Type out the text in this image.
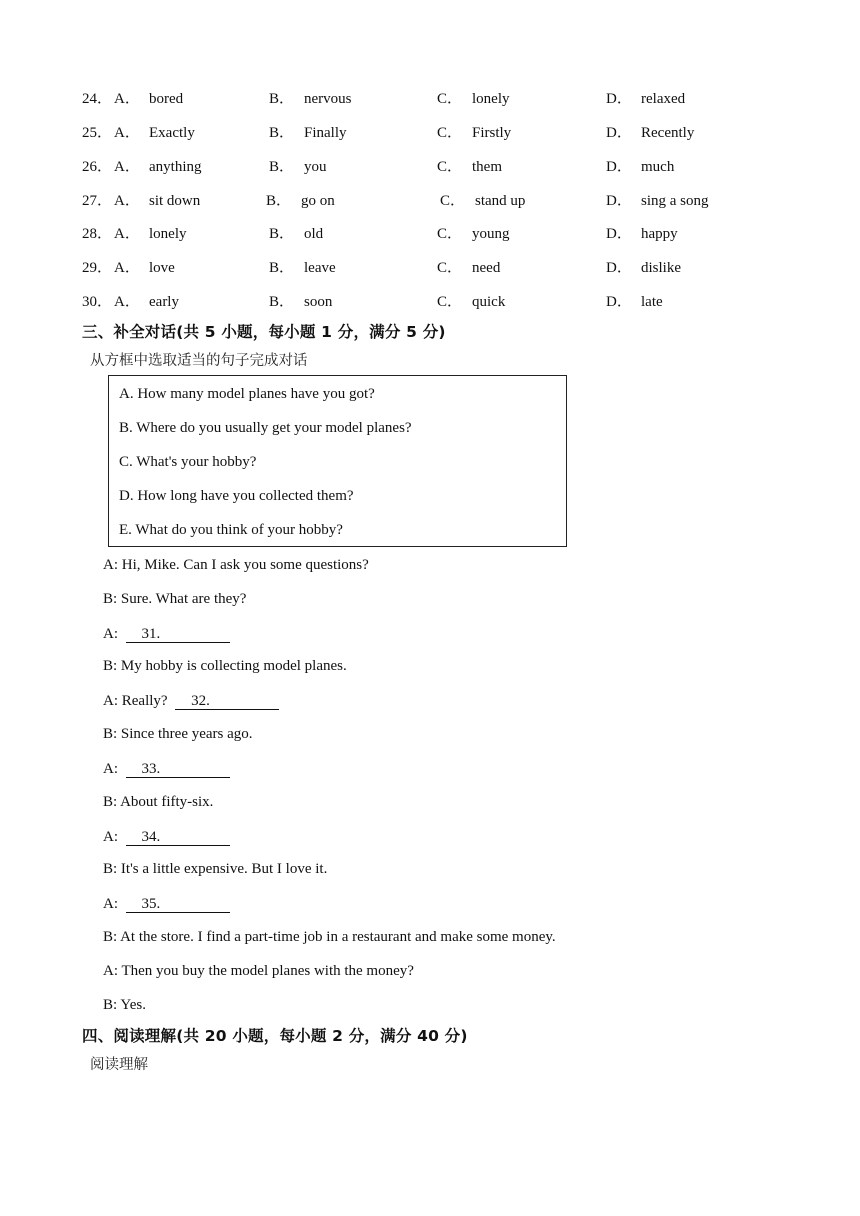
24． A． bored	B． nervous	C． lonely	D． relaxed
25． A． Exactly	B． Finally	C． Firstly	D． Recently
26． A． anything	B． you	C． them	D． much
27． A． sit down	B． go on	C． stand up	D． sing a song
28． A． lonely	B． old	C． young	D． happy
29． A． love	B． leave	C． need	D． dislike
30． A． early	B． soon	C． quick	D． late
三、补全对话(共 5 小题，每小题 1 分，满分 5 分)
从方框中选取适当的句子完成对话
A. How many model planes have you got?
B. Where do you usually get your model planes?
C. What's your hobby?
D. How long have you collected them?
E. What do you think of your hobby?
A: Hi, Mike. Can I ask you some questions?
B: Sure. What are they?
A: 31.
B: My hobby is collecting model planes.
A: Really? 32.
B: Since three years ago.
A: 33.
B: About fifty-six.
A: 34.
B: It's a little expensive. But I love it.
A: 35.
B: At the store. I find a part-time job in a restaurant and make some money.
A: Then you buy the model planes with the money?
B: Yes.
四、阅读理解(共 20 小题，每小题 2 分，满分 40 分)
阅读理解
